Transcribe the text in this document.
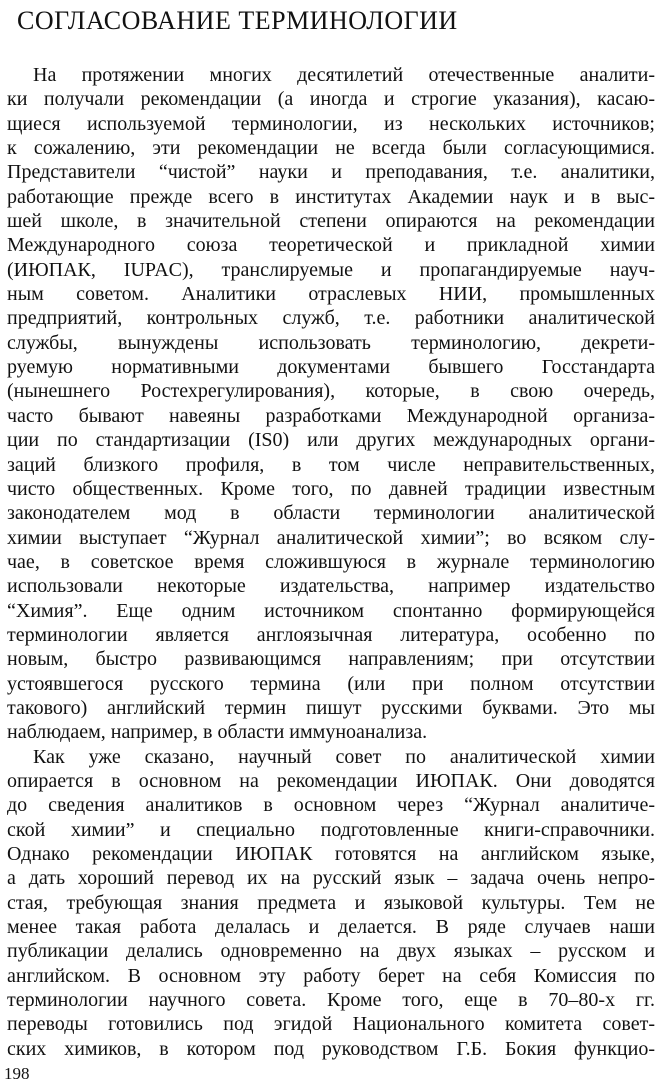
СОГЛАСОВАНИЕ ТЕРМИНОЛОГИИ
На протяжении многих десятилетий отечественные аналити-
ки получали рекомендации (а иногда и строгие указания), касаю-
щиеся используемой терминологии, из нескольких источников;
к сожалению, эти рекомендации не всегда были согласующимися.
Представители “чистой” науки и преподавания, т.е. аналитики,
работающие прежде всего в институтах Академии наук и в выс-
шей школе, в значительной степени опираются на рекомендации
Международного союза теоретической и прикладной химии
(ИЮПАК, IUPAC), транслируемые и пропагандируемые науч-
ным советом. Аналитики отраслевых НИИ, промышленных
предприятий, контрольных служб, т.е. работники аналитической
службы, вынуждены использовать терминологию, декрети-
руемую нормативными документами бывшего Госстандарта
(нынешнего Ростехрегулирования), которые, в свою очередь,
часто бывают навеяны разработками Международной организа-
ции по стандартизации (IS0) или других международных органи-
заций близкого профиля, в том числе неправительственных,
чисто общественных. Кроме того, по давней традиции известным
законодателем мод в области терминологии аналитической
химии выступает “Журнал аналитической химии”; во всяком слу-
чае, в советское время сложившуюся в журнале терминологию
использовали некоторые издательства, например издательство
“Химия”. Еще одним источником спонтанно формирующейся
терминологии является англоязычная литература, особенно по
новым, быстро развивающимся направлениям; при отсутствии
устоявшегося русского термина (или при полном отсутствии
такового) английский термин пишут русскими буквами. Это мы
наблюдаем, например, в области иммуноанализа.
Как уже сказано, научный совет по аналитической химии
опирается в основном на рекомендации ИЮПАК. Они доводятся
до сведения аналитиков в основном через “Журнал аналитиче-
ской химии” и специально подготовленные книги-справочники.
Однако рекомендации ИЮПАК готовятся на английском языке,
а дать хороший перевод их на русский язык – задача очень непро-
стая, требующая знания предмета и языковой культуры. Тем не
менее такая работа делалась и делается. В ряде случаев наши
публикации делались одновременно на двух языках – русском и
английском. В основном эту работу берет на себя Комиссия по
терминологии научного совета. Кроме того, еще в 70–80-х гг.
переводы готовились под эгидой Национального комитета совет-
ских химиков, в котором под руководством Г.Б. Бокия функцио-
198
